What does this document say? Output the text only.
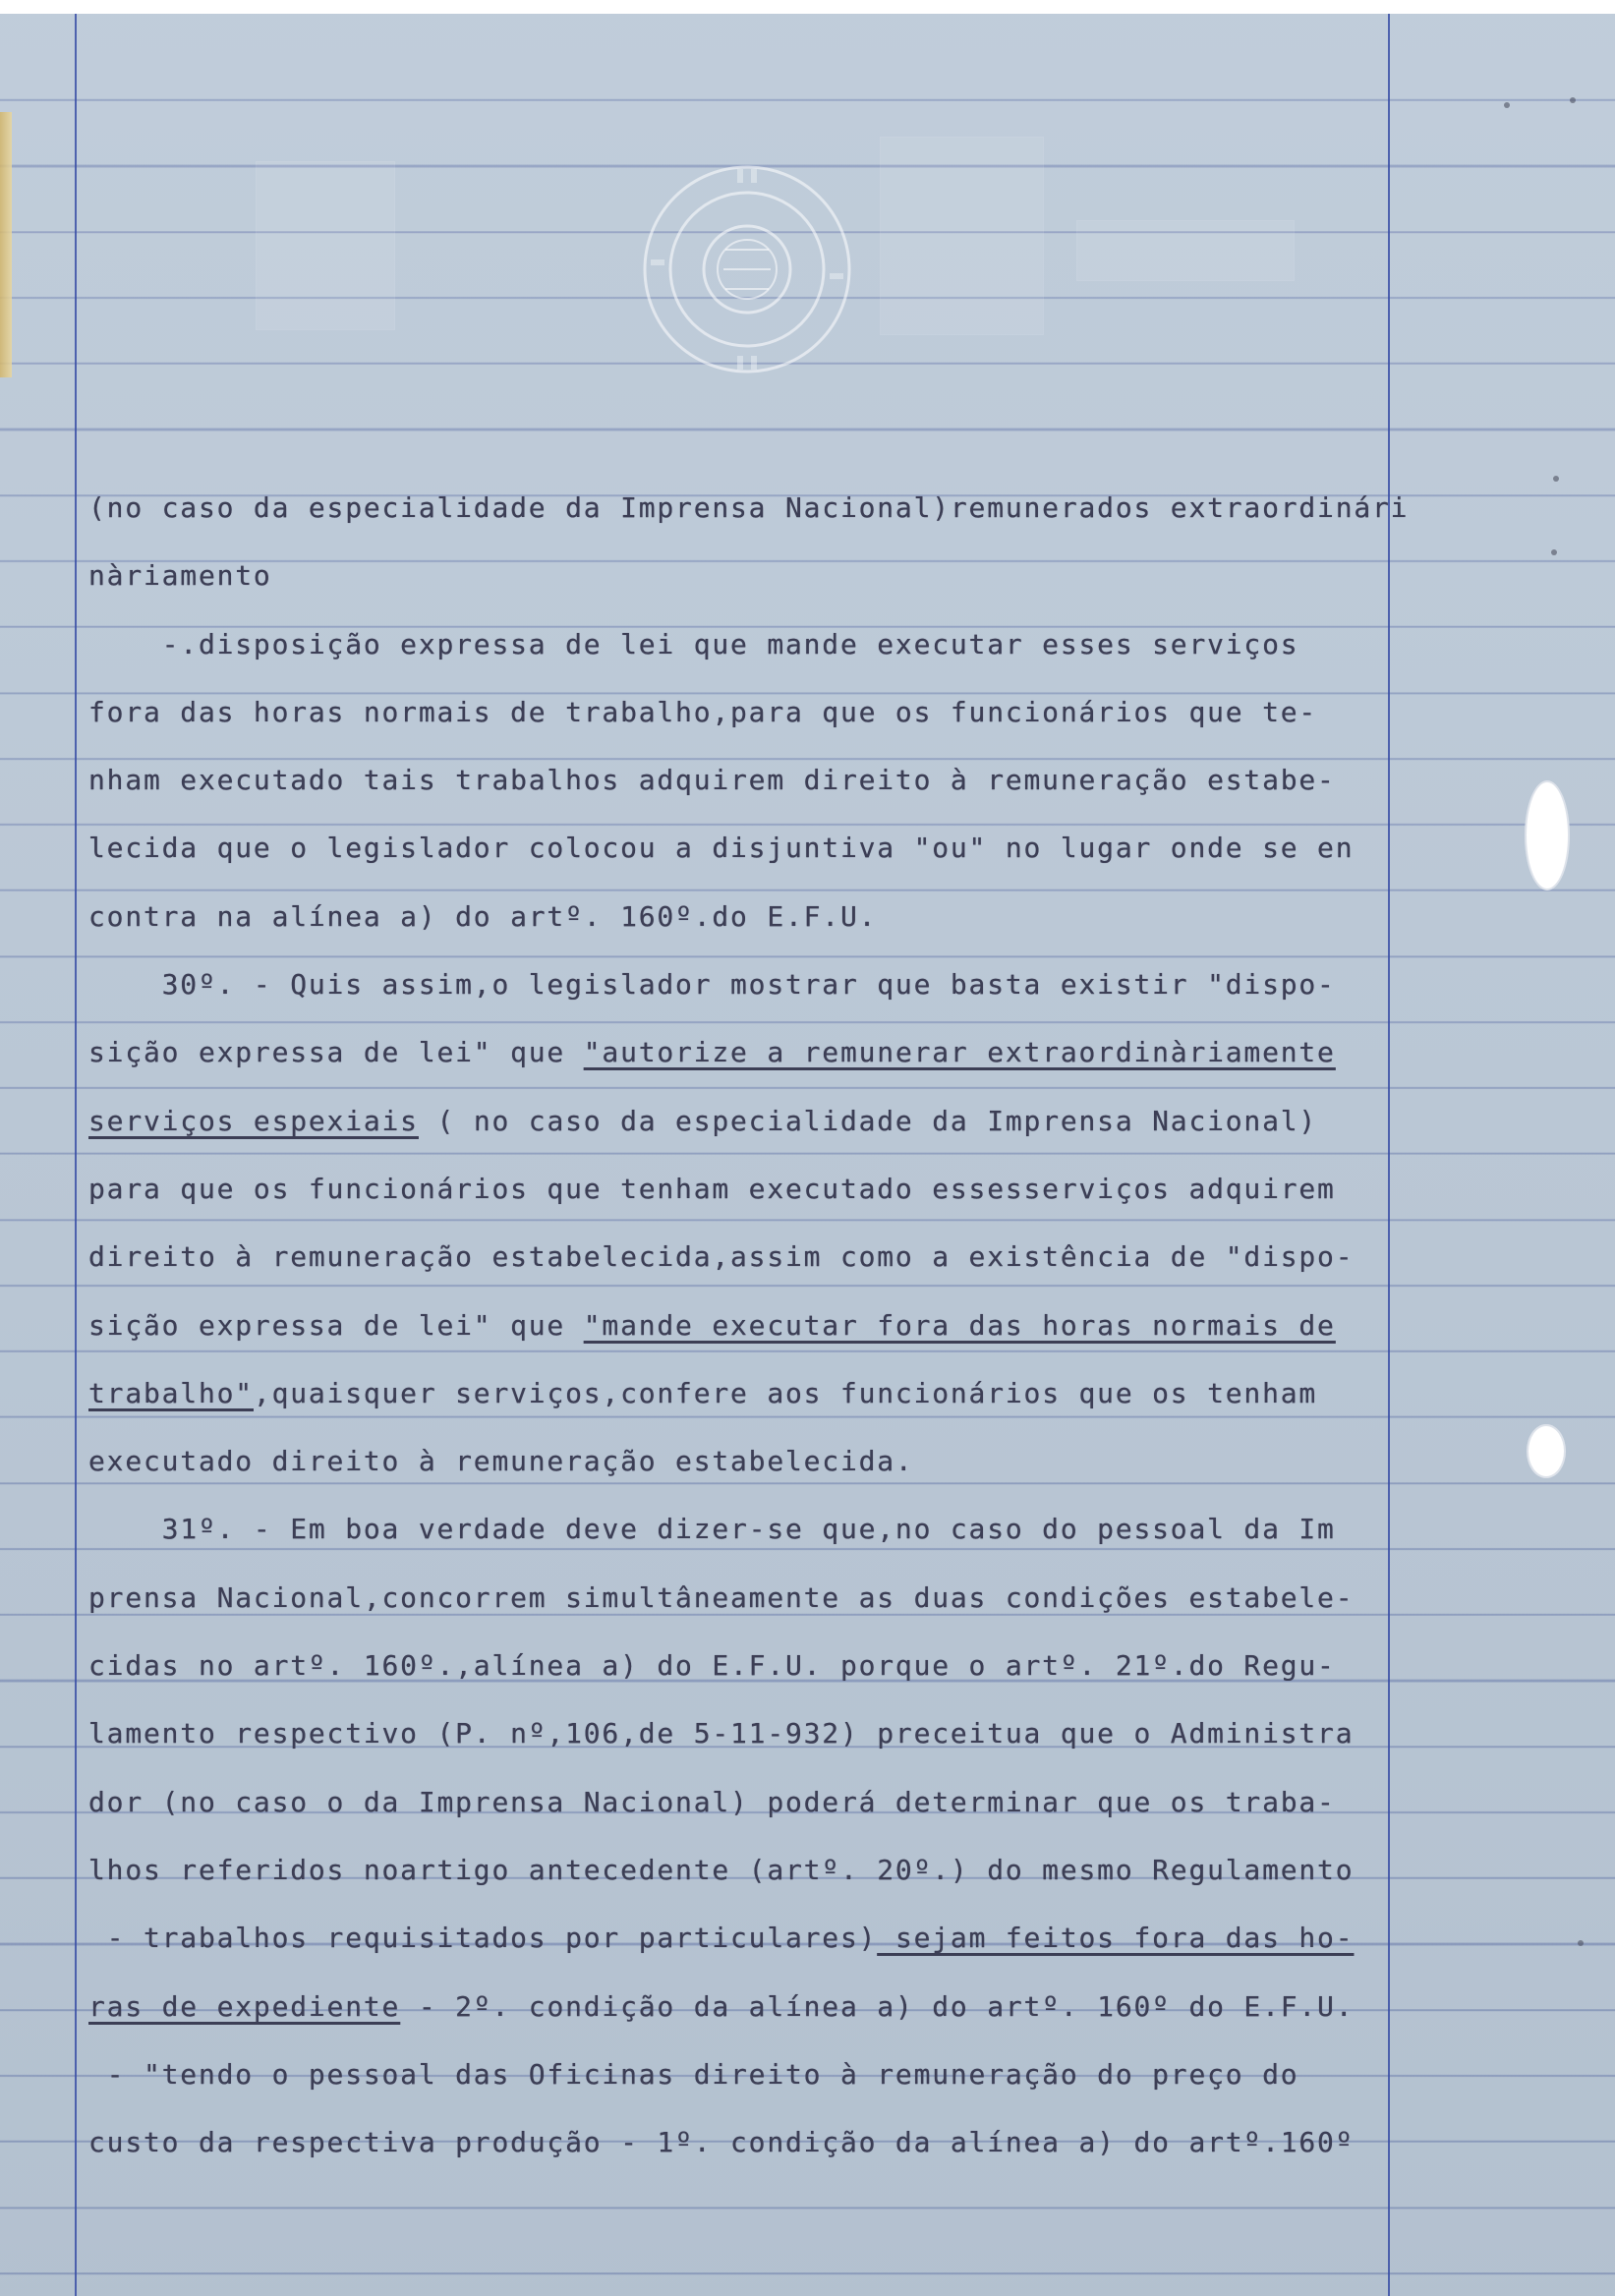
(no caso da especialidade da Imprensa Nacional)remunerados extraordinári
nàriamento
-.disposição expressa de lei que mande executar esses serviços
fora das horas normais de trabalho,para que os funcionários que te-
nham executado tais trabalhos adquirem direito à remuneração estabe-
lecida que o legislador colocou a disjuntiva "ou" no lugar onde se en
contra na alínea a) do artº. 160º.do E.F.U.
30º. - Quis assim,o legislador mostrar que basta existir "dispo-
sição expressa de lei" que "autorize a remunerar extraordinàriamente
serviços espexiais ( no caso da especialidade da Imprensa Nacional)
para que os funcionários que tenham executado essesserviços adquirem
direito à remuneração estabelecida,assim como a existência de "dispo-
sição expressa de lei" que "mande executar fora das horas normais de
trabalho",quaisquer serviços,confere aos funcionários que os tenham
executado direito à remuneração estabelecida.
31º. - Em boa verdade deve dizer-se que,no caso do pessoal da Im
prensa Nacional,concorrem simultâneamente as duas condições estabele-
cidas no artº. 160º.,alínea a) do E.F.U. porque o artº. 21º.do Regu-
lamento respectivo (P. nº,106,de 5-11-932) preceitua que o Administra
dor (no caso o da Imprensa Nacional) poderá determinar que os traba-
lhos referidos noartigo antecedente (artº. 20º.) do mesmo Regulamento
- trabalhos requisitados por particulares) sejam feitos fora das ho-
ras de expediente - 2º. condição da alínea a) do artº. 160º do E.F.U.
- "tendo o pessoal das Oficinas direito à remuneração do preço do
custo da respectiva produção - 1º. condição da alínea a) do artº.160º
